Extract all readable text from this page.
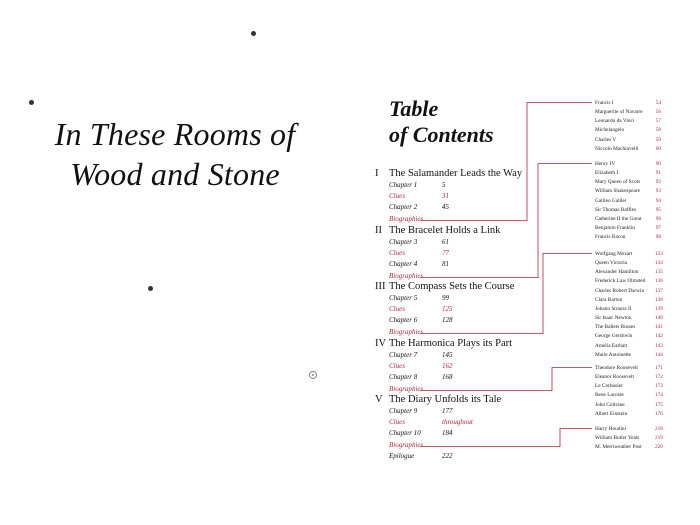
In These Rooms of
Wood and Stone
Table
of Contents
I The Salamander Leads the Way
Chapter 1	5
Clues	31
Chapter 2	45
Biographies
II The Bracelet Holds a Link
Chapter 3	61
Clues	77
Chapter 4	81
Biographies
III The Compass Sets the Course
Chapter 5	99
Clues	125
Chapter 6	128
Biographies
IV The Harmonica Plays its Part
Chapter 7	145
Clues	162
Chapter 8	168
Biographies
V The Diary Unfolds its Tale
Chapter 9	177
Clues	throughout
Chapter 10	184
Biographies
Epilogue	222
Francis I	54
Marguerite of Navarre 56
Leonardo da Vinci	57
Michelangelo	58
Charles V	59
Niccolo Machiavelli	60
Henry IV	90
Elizabeth I	91
Mary Queen of Scots	92
William Shakespeare	93
Galileo Galilei	94
Sir Thomas Raffles	95
Catherine II the Great	96
Benjamin Franklin	97
Francis Bacon	98
Wolfgang Mozart	133
Queen Victoria	134
Alexander Hamilton	135
Frederick Law Olmsted 136
Charles Robert Darwin 137
Clara Barton	138
Johann Strauss II	139
Sir Isaac Newton	140
The Ballets Russes	141
George Gershwin	142
Amelia Earhart	143
Marie Antoinette	144
Theodore Roosevelt	171
Eleanor Roosevelt	172
Le Corbusier	173
Rene Lacoste	174
John Coltrane	175
Albert Einstein	176
Harry Houdini	218
William Butler Yeats	219
M. Merriweather Post	220
